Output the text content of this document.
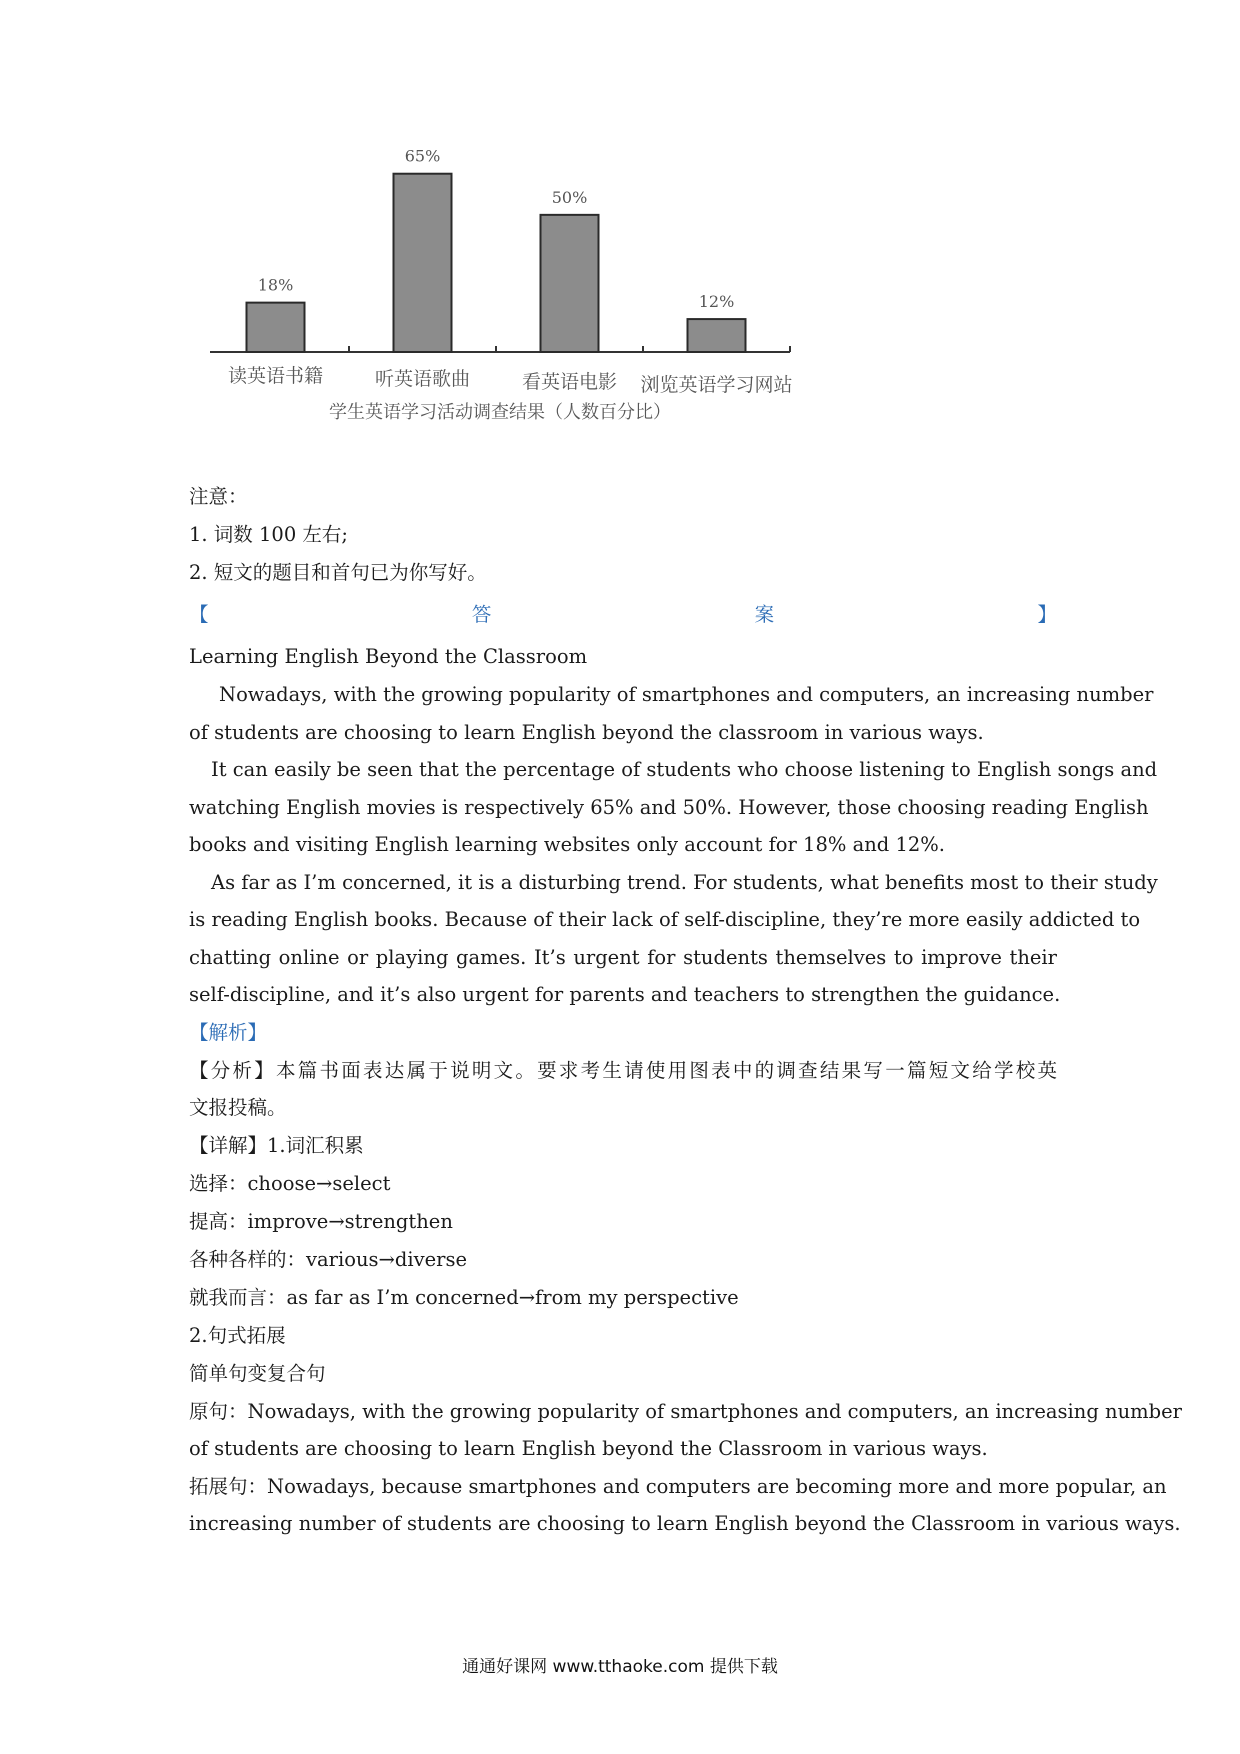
18%
读英语书籍
65%
听英语歌曲
50%
看英语电影
12%
浏览英语学习网站
学生英语学习活动调查结果（人数百分比）
注意：
1. 词数 100 左右;
2. 短文的题目和首句已为你写好。
【	答	案	】
Learning English Beyond the Classroom
Nowadays, with the growing popularity of smartphones and computers, an increasing number
of students are choosing to learn English beyond the classroom in various ways.
It can easily be seen that the percentage of students who choose listening to English songs and
watching English movies is respectively 65% and 50%. However, those choosing reading English
books and visiting English learning websites only account for 18% and 12%.
As far as I’m concerned, it is a disturbing trend. For students, what benefits most to their study
is reading English books. Because of their lack of self-discipline, they’re more easily addicted to
chatting online or playing games. It’s urgent for students themselves to improve their
self-discipline, and it’s also urgent for parents and teachers to strengthen the guidance.
【解析】
【分析】本篇书面表达属于说明文。要求考生请使用图表中的调查结果写一篇短文给学校英
文报投稿。
【详解】1.词汇积累
选择：choose→select
提高：improve→strengthen
各种各样的：various→diverse
就我而言：as far as I’m concerned→from my perspective
2.句式拓展
简单句变复合句
原句：Nowadays, with the growing popularity of smartphones and computers, an increasing number
of students are choosing to learn English beyond the Classroom in various ways.
拓展句：Nowadays, because smartphones and computers are becoming more and more popular, an
increasing number of students are choosing to learn English beyond the Classroom in various ways.
通通好课网 www.tthaoke.com 提供下载
